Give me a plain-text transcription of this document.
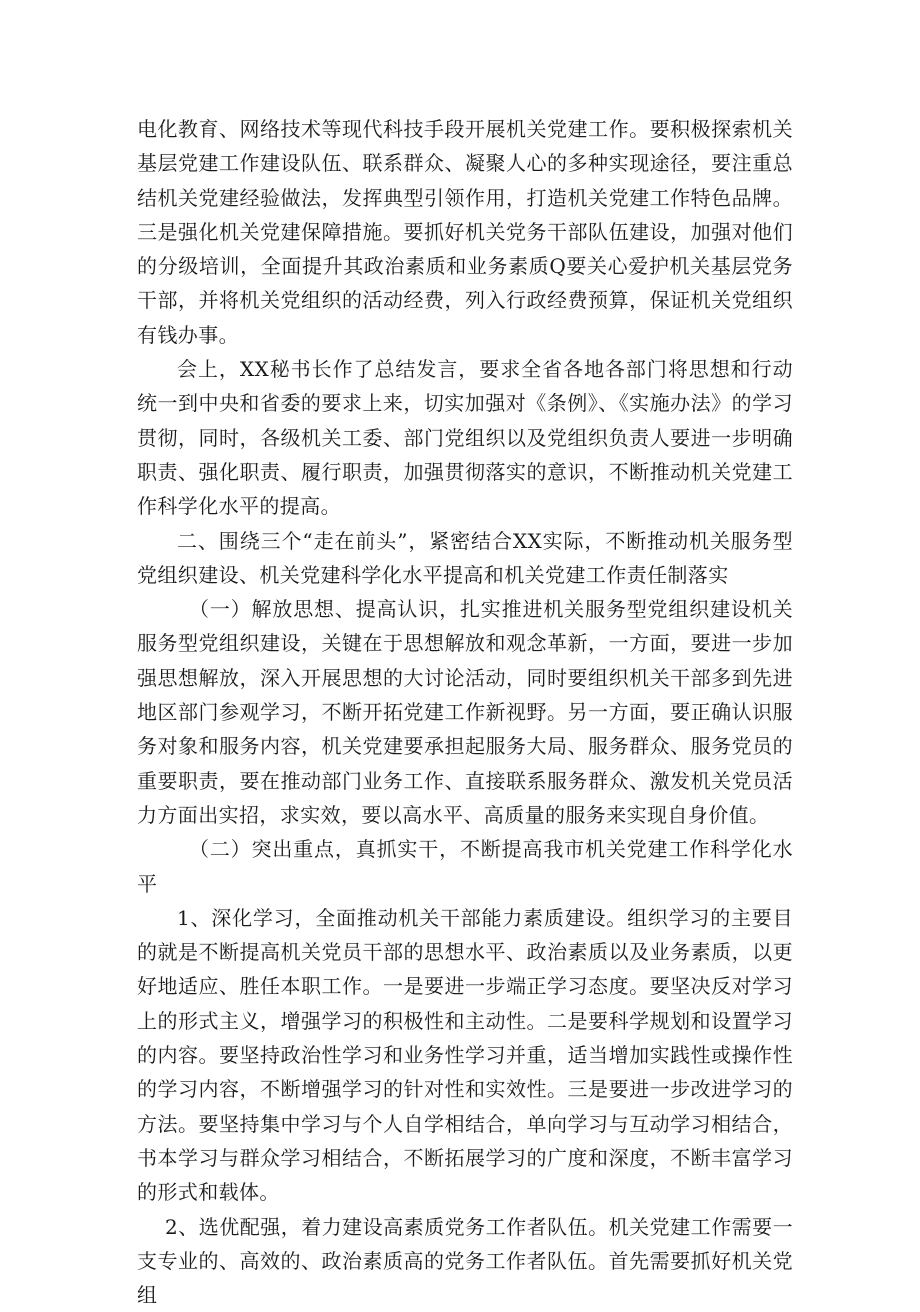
电化教育、网络技术等现代科技手段开展机关党建工作。要积极探索机关基层党建工作建设队伍、联系群众、凝聚人心的多种实现途径，要注重总结机关党建经验做法，发挥典型引领作用，打造机关党建工作特色品牌。三是强化机关党建保障措施。要抓好机关党务干部队伍建设，加强对他们的分级培训，全面提升其政治素质和业务素质Q要关心爱护机关基层党务干部，并将机关党组织的活动经费，列入行政经费预算，保证机关党组织有钱办事。

会上，XX秘书长作了总结发言，要求全省各地各部门将思想和行动统一到中央和省委的要求上来，切实加强对《条例》、《实施办法》的学习贯彻，同时，各级机关工委、部门党组织以及党组织负责人要进一步明确职责、强化职责、履行职责，加强贯彻落实的意识，不断推动机关党建工作科学化水平的提高。

二、围绕三个“走在前头”，紧密结合XX实际，不断推动机关服务型党组织建设、机关党建科学化水平提高和机关党建工作责任制落实

（一）解放思想、提高认识，扎实推进机关服务型党组织建设机关服务型党组织建设，关键在于思想解放和观念革新，一方面，要进一步加强思想解放，深入开展思想的大讨论活动，同时要组织机关干部多到先进地区部门参观学习，不断开拓党建工作新视野。另一方面，要正确认识服务对象和服务内容，机关党建要承担起服务大局、服务群众、服务党员的重要职责，要在推动部门业务工作、直接联系服务群众、激发机关党员活力方面出实招，求实效，要以高水平、高质量的服务来实现自身价值。

（二）突出重点，真抓实干，不断提高我市机关党建工作科学化水平

1、深化学习，全面推动机关干部能力素质建设。组织学习的主要目的就是不断提高机关党员干部的思想水平、政治素质以及业务素质，以更好地适应、胜任本职工作。一是要进一步端正学习态度。要坚决反对学习上的形式主义，增强学习的积极性和主动性。二是要科学规划和设置学习的内容。要坚持政治性学习和业务性学习并重，适当增加实践性或操作性的学习内容，不断增强学习的针对性和实效性。三是要进一步改进学习的方法。要坚持集中学习与个人自学相结合，单向学习与互动学习相结合，书本学习与群众学习相结合，不断拓展学习的广度和深度，不断丰富学习的形式和载体。

2、选优配强，着力建设高素质党务工作者队伍。机关党建工作需要一支专业的、高效的、政治素质高的党务工作者队伍。首先需要抓好机关党组
